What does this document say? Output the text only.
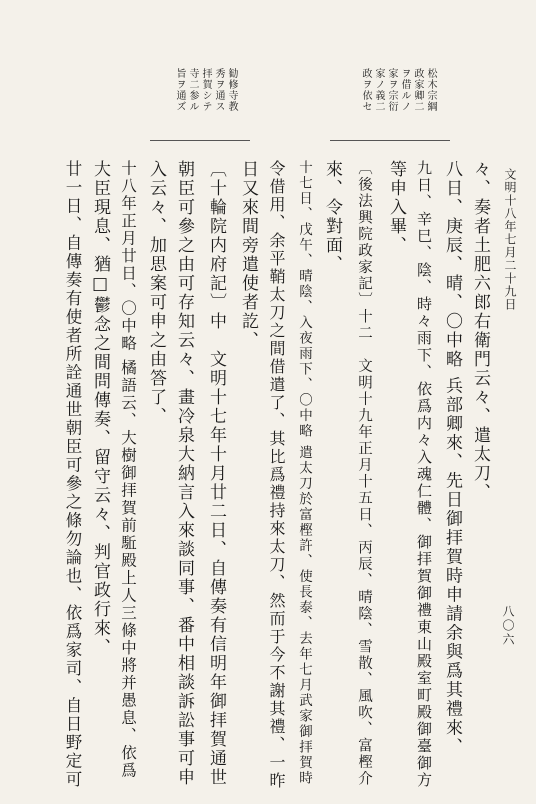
文明十八年七月二十九日
八〇六
松木宗綱
政家卿二
ヲ借ルノ
家ヲ宗衍
家ノ義二
政ヲ依セ
勧修寺教
秀ヲ通ス
拝賀シテ
寺二参ル
旨ヲ通ズ
々、奏者土肥六郎右衛門云々、遣太刀、
八日、庚辰、晴、〇中略 兵部卿來、先日御拝賀時申請余與爲其禮來、
九日、辛巳、陰、時々雨下、依爲内々入魂仁體、御拝賀御禮東山殿室町殿御臺御方
等申入畢、
〔後法興院政家記〕十二　文明十九年正月十五日、丙辰、晴陰、雪散、風吹、富樫介
來、令對面、
十七日、戊午、晴陰、入夜雨下、〇中略 遣太刀於富樫許、使長泰、去年七月武家御拝賀時
令借用、余平鞘太刀之間借遣了、其比爲禮持來太刀、然而于今不謝其禮、一昨
日又來間旁遣使者訖、
〔十輪院内府記〕中　文明十七年十月廿二日、自傳奏有信明年御拝賀通世
朝臣可參之由可存知云々、畫冷泉大納言入來談同事、番中相談訴訟事可申
入云々、加思案可申之由答了、
十八年正月廿日、〇中略 橘語云、大樹御拝賀前駈殿上人三條中將并愚息、依爲
大臣現息、猶□鬱念之間問傳奏、留守云々、判官政行來、
廿一日、自傳奏有使者所詮通世朝臣可參之條勿論也、依爲家司、自日野定可
